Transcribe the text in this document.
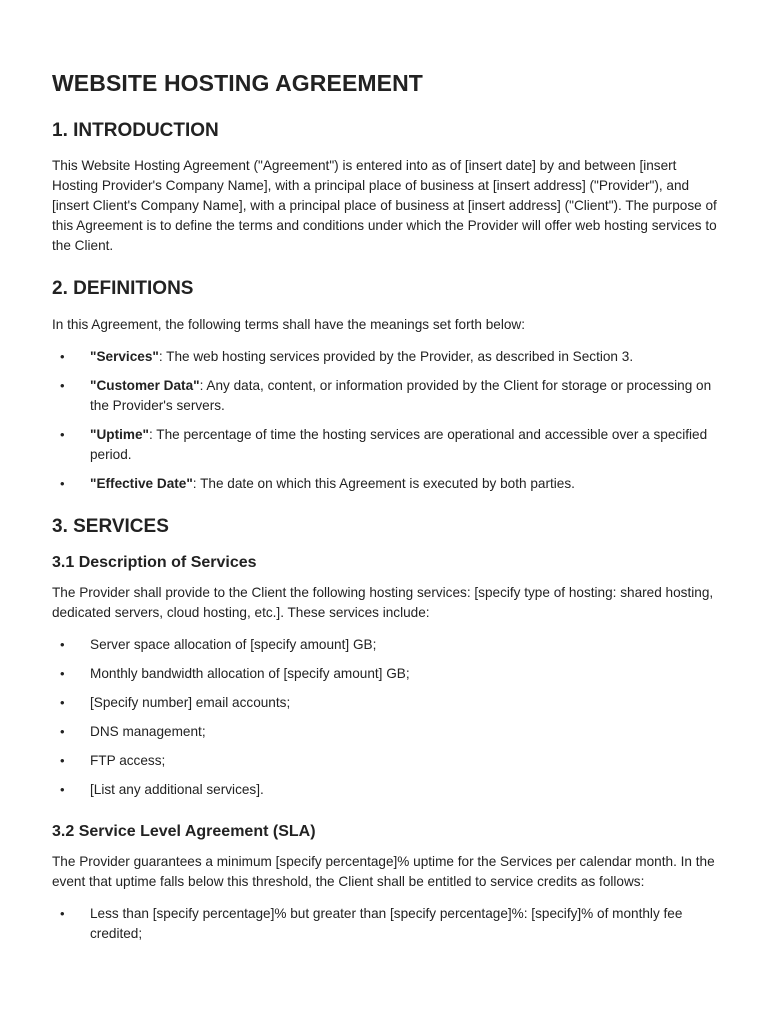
WEBSITE HOSTING AGREEMENT
1. INTRODUCTION

This Website Hosting Agreement ("Agreement") is entered into as of [insert date] by and between [insert Hosting Provider's Company Name], with a principal place of business at [insert address] ("Provider"), and [insert Client's Company Name], with a principal place of business at [insert address] ("Client"). The purpose of this Agreement is to define the terms and conditions under which the Provider will offer web hosting services to the Client.

2. DEFINITIONS

In this Agreement, the following terms shall have the meanings set forth below:

• "Services": The web hosting services provided by the Provider, as described in Section 3.
• "Customer Data": Any data, content, or information provided by the Client for storage or processing on the Provider's servers.
• "Uptime": The percentage of time the hosting services are operational and accessible over a specified period.
• "Effective Date": The date on which this Agreement is executed by both parties.
3. SERVICES
3.1 Description of Services

The Provider shall provide to the Client the following hosting services: [specify type of hosting: shared hosting, dedicated servers, cloud hosting, etc.]. These services include:

• Server space allocation of [specify amount] GB;
• Monthly bandwidth allocation of [specify amount] GB;
• [Specify number] email accounts;
• DNS management;
• FTP access;
• [List any additional services].
3.2 Service Level Agreement (SLA)

The Provider guarantees a minimum [specify percentage]% uptime for the Services per calendar month. In the event that uptime falls below this threshold, the Client shall be entitled to service credits as follows:

• Less than [specify percentage]% but greater than [specify percentage]%: [specify]% of monthly fee credited;
